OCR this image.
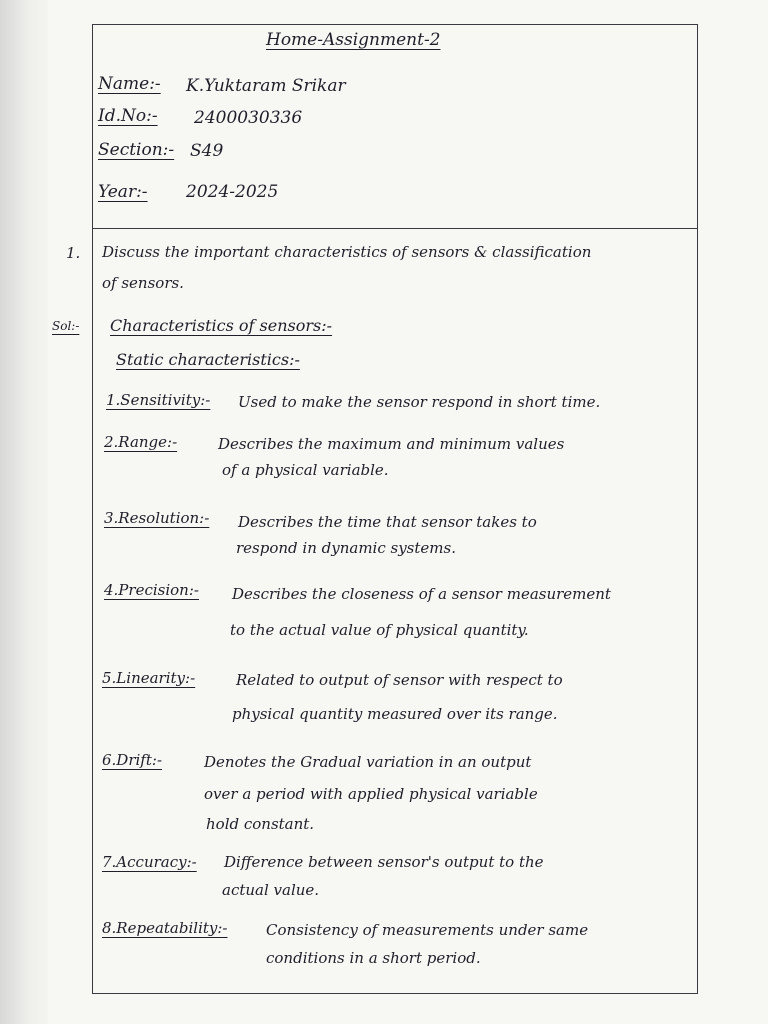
Home-Assignment-2
Name:- K.Yuktaram Srikar
Id.No:- 2400030336
Section:- S49
Year:- 2024-2025
1. Discuss the important characteristics of sensors & classification
of sensors.
Sol:- Characteristics of sensors:-
Static characteristics:-
1.Sensitivity:- Used to make the sensor respond in short time.
2.Range:-	Describes the maximum and minimum values
of a physical variable.
3.Resolution:- Describes the time that sensor takes to
respond in dynamic systems.
4.Precision:- Describes the closeness of a sensor measurement
to the actual value of physical quantity.
5.Linearity:-	Related to output of sensor with respect to
physical quantity measured over its range.
6.Drift:-	Denotes the Gradual variation in an output
over a period with applied physical variable
hold constant.
7.Accuracy:- Difference between sensor's output to the
actual value.
8.Repeatability:-	Consistency of measurements under same
conditions in a short period.
